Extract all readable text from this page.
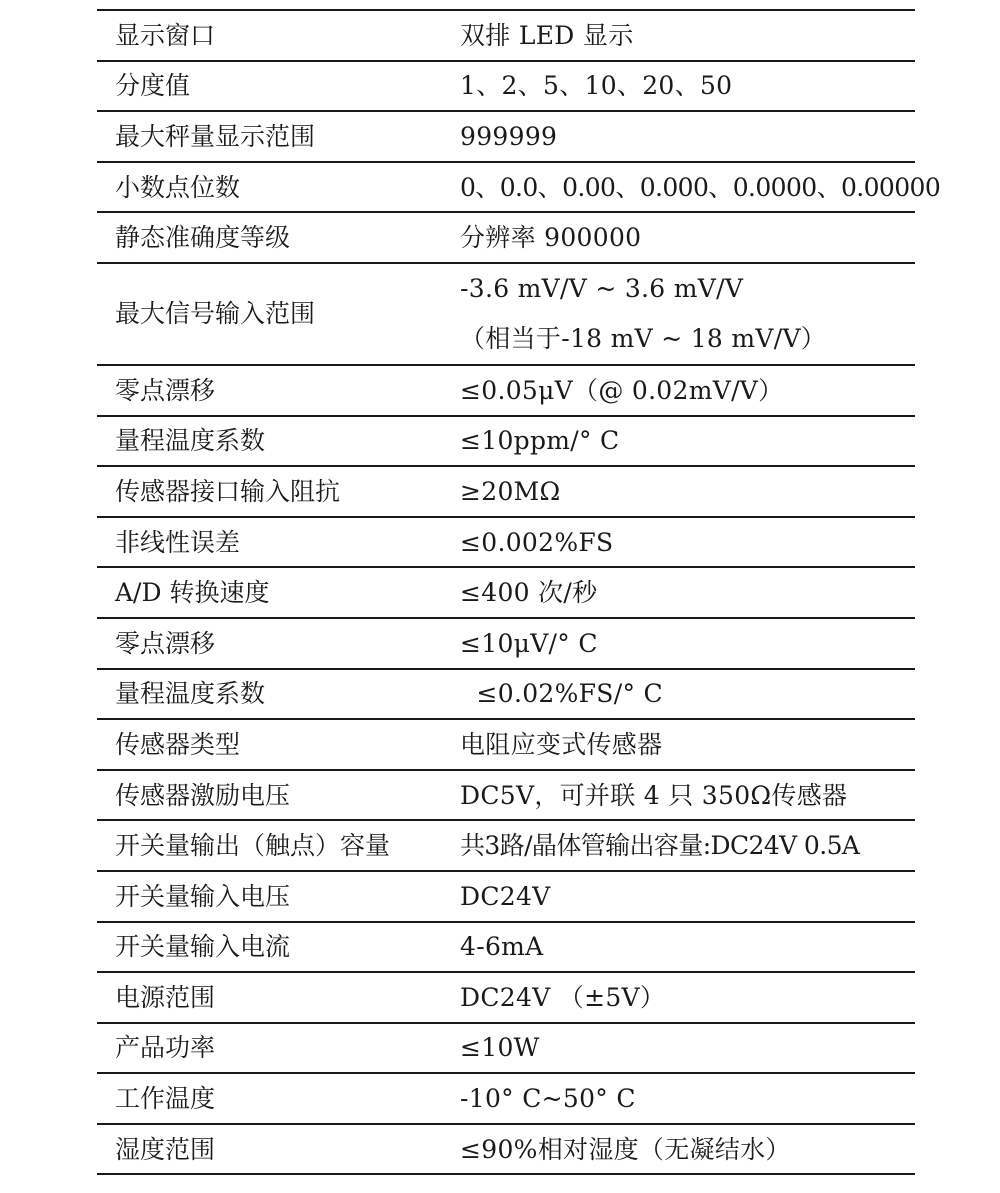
显示窗口	双排 LED 显示
分度值	1、2、5、10、20、50
最大秤量显示范围	999999
小数点位数	0、0.0、0.00、0.000、0.0000、0.00000
静态准确度等级	分辨率 900000
最大信号输入范围	-3.6 mV/V ~ 3.6 mV/V
（相当于-18 mV ~ 18 mV/V）

零点漂移	≤0.05μV（@ 0.02mV/V）
量程温度系数	≤10ppm/° C
传感器接口输入阻抗	≥20MΩ
非线性误差	≤0.002%FS
A/D 转换速度	≤400 次/秒
零点漂移	≤10μV/° C
量程温度系数	≤0.02%FS/° C
传感器类型	电阻应变式传感器
传感器激励电压	DC5V，可并联 4 只 350Ω传感器
开关量输出（触点）容量	共3路/晶体管输出容量:DC24V 0.5A
开关量输入电压	DC24V
开关量输入电流	4-6mA
电源范围	DC24V （±5V）
产品功率	≤10W
工作温度	-10° C~50° C
湿度范围	≤90%相对湿度（无凝结水）
